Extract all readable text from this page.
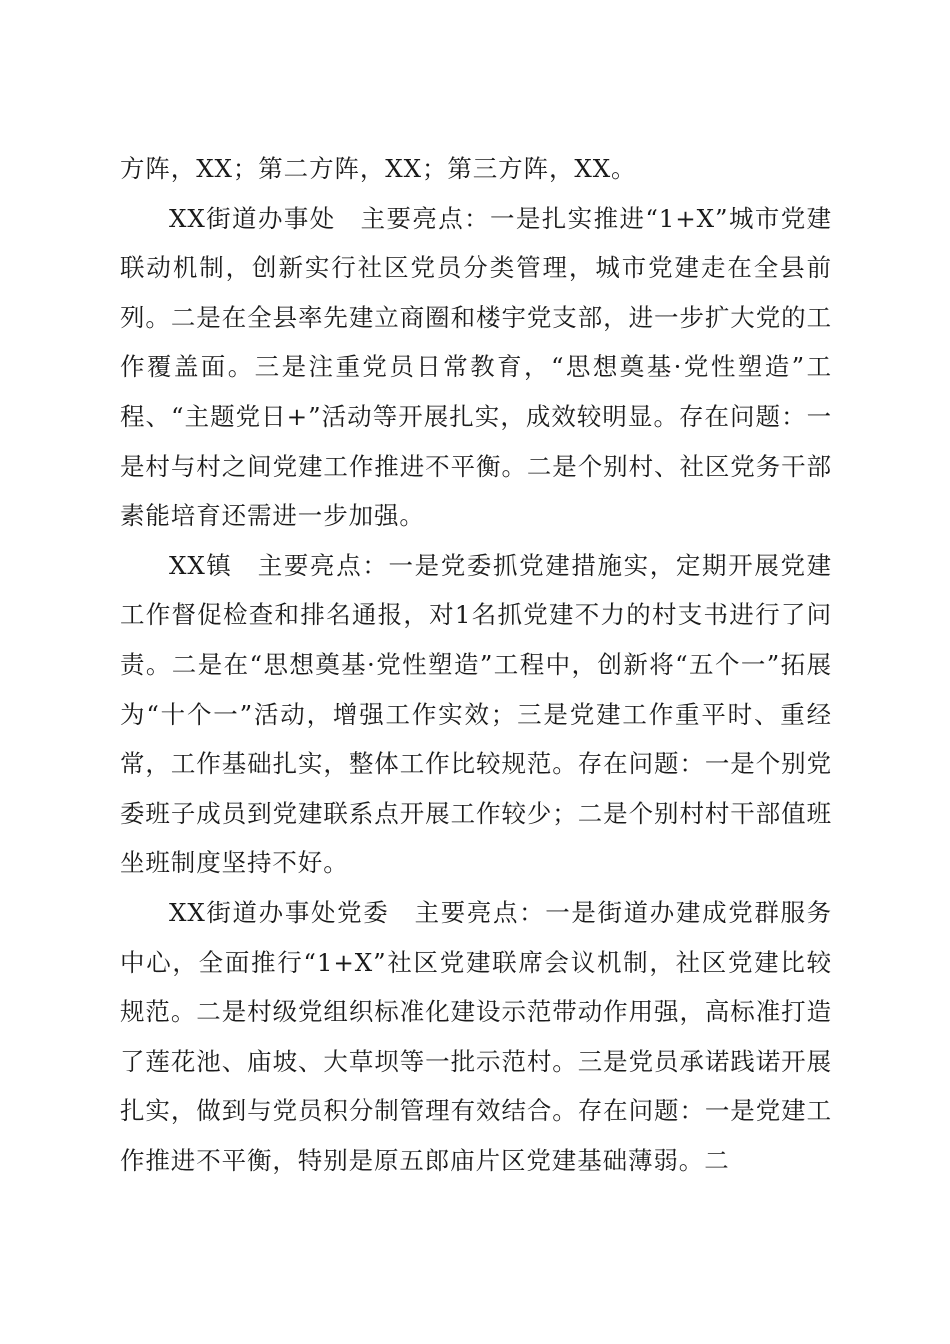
方阵，XX；第二方阵，XX；第三方阵，XX。

XX街道办事处 主要亮点：一是扎实推进“1+X”城市党建联动机制，创新实行社区党员分类管理，城市党建走在全县前列。二是在全县率先建立商圈和楼宇党支部，进一步扩大党的工作覆盖面。三是注重党员日常教育，“思想奠基·党性塑造”工程、“主题党日+”活动等开展扎实，成效较明显。存在问题：一是村与村之间党建工作推进不平衡。二是个别村、社区党务干部素能培育还需进一步加强。

XX镇 主要亮点：一是党委抓党建措施实，定期开展党建工作督促检查和排名通报，对1名抓党建不力的村支书进行了问责。二是在“思想奠基·党性塑造”工程中，创新将“五个一”拓展为“十个一”活动，增强工作实效；三是党建工作重平时、重经常，工作基础扎实，整体工作比较规范。存在问题：一是个别党委班子成员到党建联系点开展工作较少；二是个别村村干部值班坐班制度坚持不好。

XX街道办事处党委 主要亮点：一是街道办建成党群服务中心，全面推行“1+X”社区党建联席会议机制，社区党建比较规范。二是村级党组织标准化建设示范带动作用强，高标准打造了莲花池、庙坡、大草坝等一批示范村。三是党员承诺践诺开展扎实，做到与党员积分制管理有效结合。存在问题：一是党建工作推进不平衡，特别是原五郎庙片区党建基础薄弱。二
